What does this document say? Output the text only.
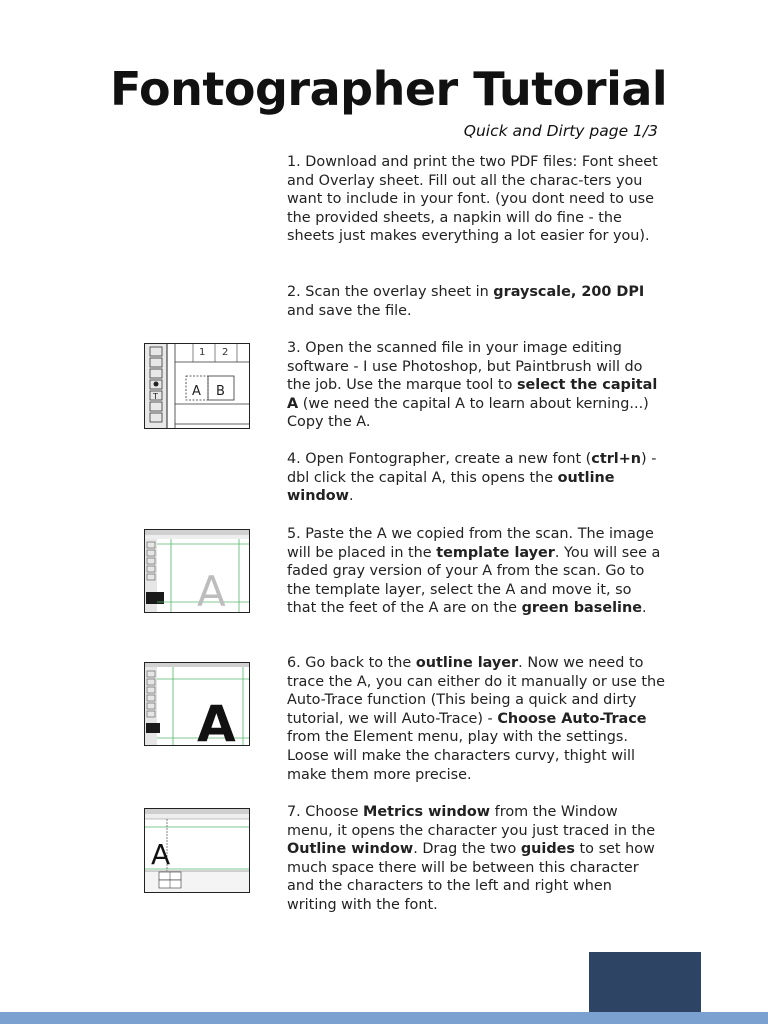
Fontographer Tutorial

Quick and Dirty page 1/3

1. Download and print the two PDF files: Font sheet and Overlay sheet. Fill out all the charac-ters you want to include in your font. (you dont need to use the provided sheets, a napkin will do fine - the sheets just makes everything a lot easier for you).

2. Scan the overlay sheet in grayscale, 200 DPI and save the file.

3. Open the scanned file in your image editing software - I use Photoshop, but Paintbrush will do the job. Use the marque tool to select the capital A (we need the capital A to learn about kerning...) Copy the A.

4. Open Fontographer, create a new font (ctrl+n) - dbl click the capital A, this opens the outline window.

5. Paste the A we copied from the scan. The image will be placed in the template layer. You will see a faded gray version of your A from the scan. Go to the template layer, select the A and move it, so that the feet of the A are on the green baseline.

6. Go back to the outline layer. Now we need to trace the A, you can either do it manually or use the Auto-Trace function (This being a quick and dirty tutorial, we will Auto-Trace) - Choose Auto-Trace from the Element menu, play with the settings. Loose will make the characters curvy, thight will make them more precise.

7. Choose Metrics window from the Window menu, it opens the character you just traced in the Outline window. Drag the two guides to set how much space there will be between this character and the characters to the left and right when writing with the font.

T
1 2
A B
A
A
A
